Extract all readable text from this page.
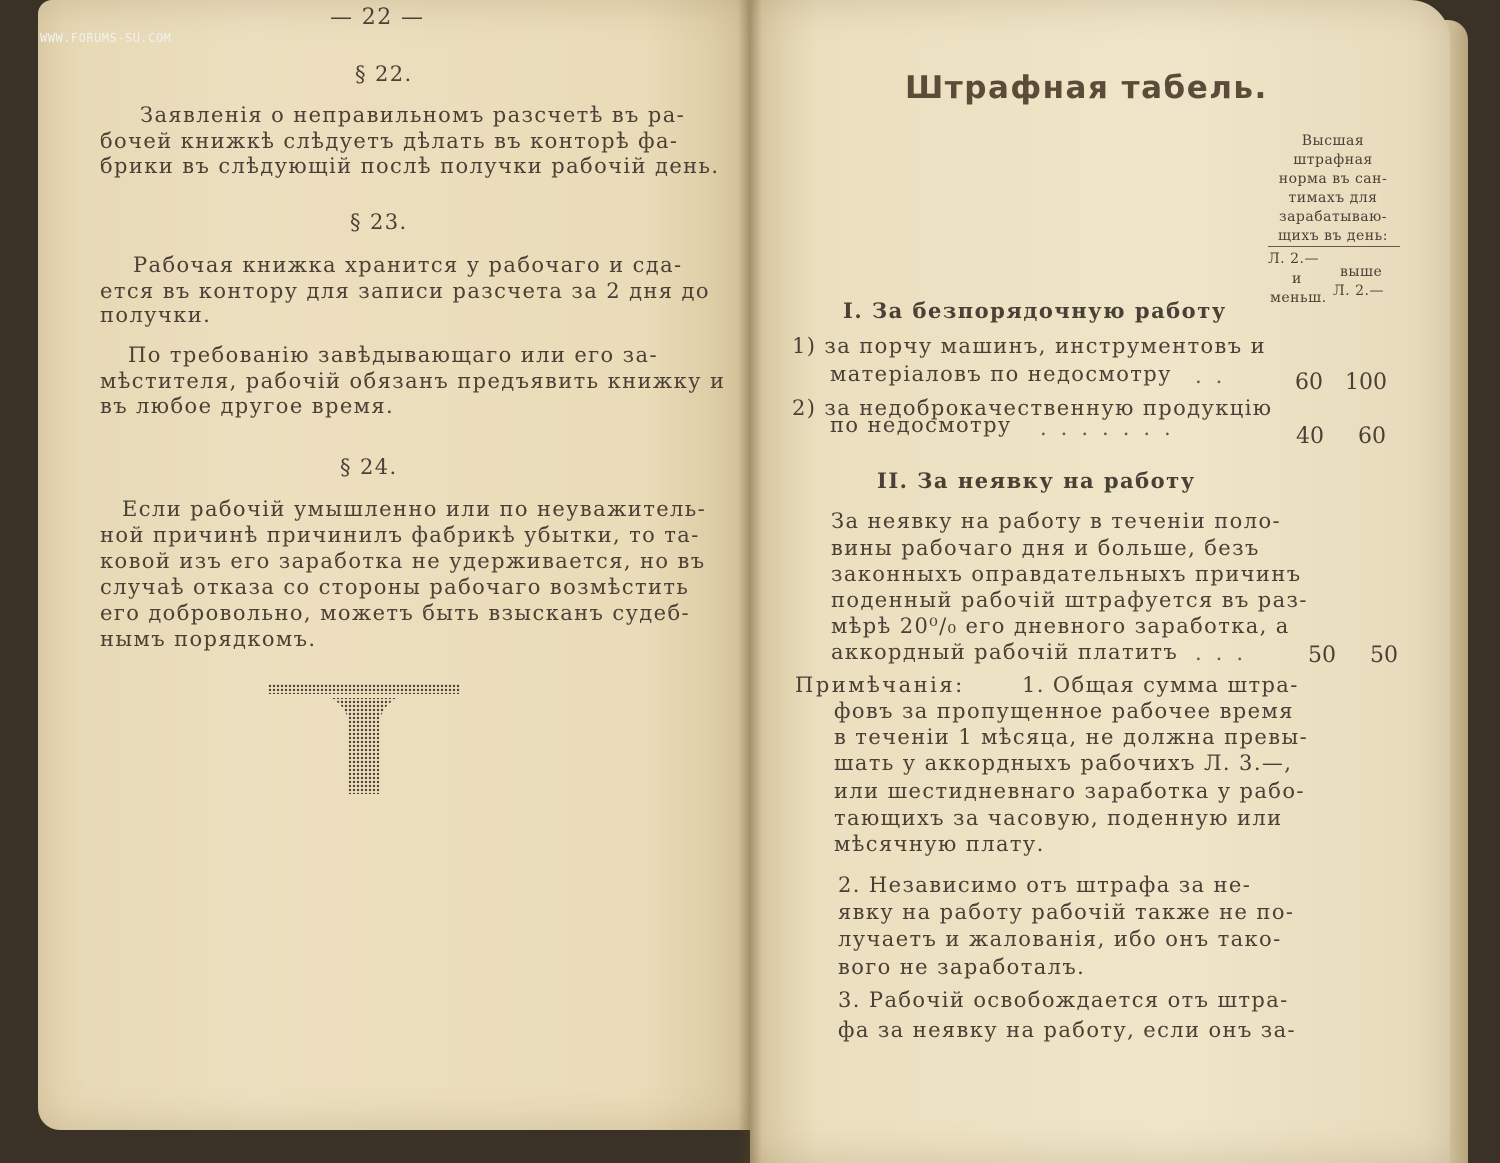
WWW.FORUMS-SU.COM
— 22 —
§ 22.
Заявленія о неправильномъ разсчетѣ въ ра-
бочей книжкѣ слѣдуетъ дѣлать въ конторѣ фа-
брики въ слѣдующій послѣ получки рабочій день.
§ 23.
Рабочая книжка хранится у рабочаго и сда-
ется въ контору для записи разсчета за 2 дня до
получки.
По требованію завѣдывающаго или его за-
мѣстителя, рабочій обязанъ предъявить книжку и
въ любое другое время.
§ 24.
Если рабочій умышленно или по неуважитель-
ной причинѣ причинилъ фабрикѣ убытки, то та-
ковой изъ его заработка не удерживается, но въ
случаѣ отказа со стороны рабочаго возмѣстить
его добровольно, можетъ быть взысканъ судеб-
нымъ порядкомъ.
Штрафная табель.
Высшая
штрафная
норма въ сан-
тимахъ для
зарабатываю-
щихъ въ день:
Л. 2.—
и
меньш.
выше
Л. 2.—
I. За безпорядочную работу
1) за порчу машинъ, инструментовъ и
матеріаловъ по недосмотру ..	60 100
2) за недоброкачественную продукцію
по недосмотру .......	40 60
II. За неявку на работу
За неявку на работу в теченіи поло-
вины рабочаго дня и больше, безъ
законныхъ оправдательныхъ причинъ
поденный рабочій штрафуется въ раз-
мѣрѣ 20⁰/₀ его дневного заработка, а
аккордный рабочій платитъ ... 50 50
Примѣчанія:	1. Общая сумма штра-
фовъ за пропущенное рабочее время
в теченіи 1 мѣсяца, не должна превы-
шать у аккордныхъ рабочихъ Л. 3.—,
или шестидневнаго заработка у рабо-
тающихъ за часовую, поденную или
мѣсячную плату.
2. Независимо отъ штрафа за не-
явку на работу рабочій также не по-
лучаетъ и жалованія, ибо онъ тако-
вого не заработалъ.
3. Рабочій освобождается отъ штра-
фа за неявку на работу, если онъ за-
